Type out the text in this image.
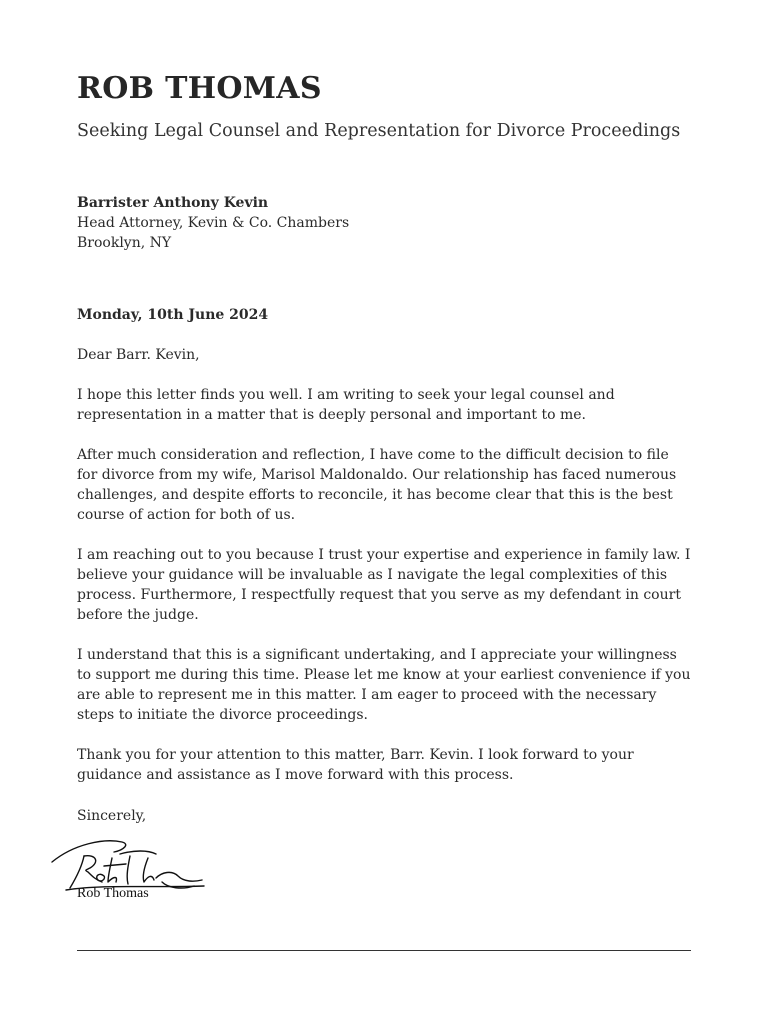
ROB THOMAS
Seeking Legal Counsel and Representation for Divorce Proceedings
Barrister Anthony Kevin
Head Attorney, Kevin & Co. Chambers
Brooklyn, NY

Monday, 10th June 2024

Dear Barr. Kevin,

I hope this letter finds you well. I am writing to seek your legal counsel and representation in a matter that is deeply personal and important to me.

After much consideration and reflection, I have come to the difficult decision to file for divorce from my wife, Marisol Maldonaldo. Our relationship has faced numerous challenges, and despite efforts to reconcile, it has become clear that this is the best course of action for both of us.

I am reaching out to you because I trust your expertise and experience in family law. I believe your guidance will be invaluable as I navigate the legal complexities of this process. Furthermore, I respectfully request that you serve as my defendant in court before the judge.

I understand that this is a significant undertaking, and I appreciate your willingness to support me during this time. Please let me know at your earliest convenience if you are able to represent me in this matter. I am eager to proceed with the necessary steps to initiate the divorce proceedings.

Thank you for your attention to this matter, Barr. Kevin. I look forward to your guidance and assistance as I move forward with this process.

Sincerely,
Rob Thomas
